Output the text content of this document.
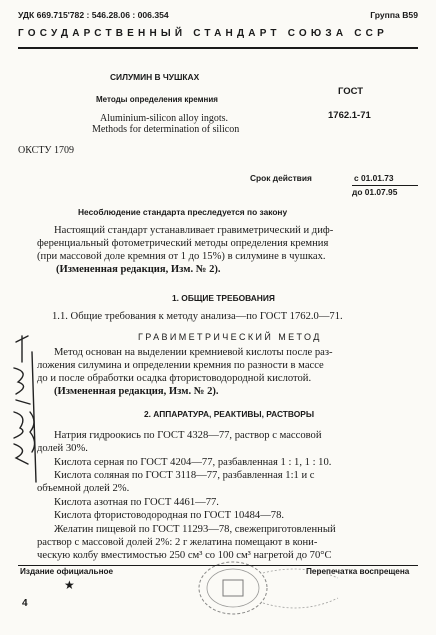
УДК 669.715'782 : 546.28.06 : 006.354	Группа В59
ГОСУДАРСТВЕННЫЙ СТАНДАРТ СОЮЗА ССР
СИЛУМИН В ЧУШКАХ
Методы определения кремния
Aluminium-silicon alloy ingots.
Methods for determination of silicon
ГОСТ
1762.1-71
ОКСТУ 1709
Срок действия	с 01.01.73
до 01.07.95
Несоблюдение стандарта преследуется по закону
Настоящий стандарт устанавливает гравиметрический и диф-
ференциальный фотометрический методы определения кремния
(при массовой доле кремния от 1 до 15%) в силумине в чушках.
(Измененная редакция, Изм. № 2).
1. ОБЩИЕ ТРЕБОВАНИЯ
1.1. Общие требования к методу анализа—по ГОСТ 1762.0—71.
ГРАВИМЕТРИЧЕСКИЙ МЕТОД
Метод основан на выделении кремниевой кислоты после раз-
ложения силумина и определении кремния по разности в массе
до и после обработки осадка фтористоводородной кислотой.
(Измененная редакция, Изм. № 2).
2. АППАРАТУРА, РЕАКТИВЫ, РАСТВОРЫ
Натрия гидроокись по ГОСТ 4328—77, раствор с массовой
долей 30%.
Кислота серная по ГОСТ 4204—77, разбавленная 1 : 1, 1 : 10.
Кислота соляная по ГОСТ 3118—77, разбавленная 1:1 и с
объемной долей 2%.
Кислота азотная по ГОСТ 4461—77.
Кислота фтористоводородная по ГОСТ 10484—78.
Желатин пищевой по ГОСТ 11293—78, свежеприготовленный
раствор с массовой долей 2%: 2 г желатина помещают в кони-
ческую колбу вместимостью 250 см³ со 100 см³ нагретой до 70°С
Издание официальное	Перепечатка воспрещена
★
4
